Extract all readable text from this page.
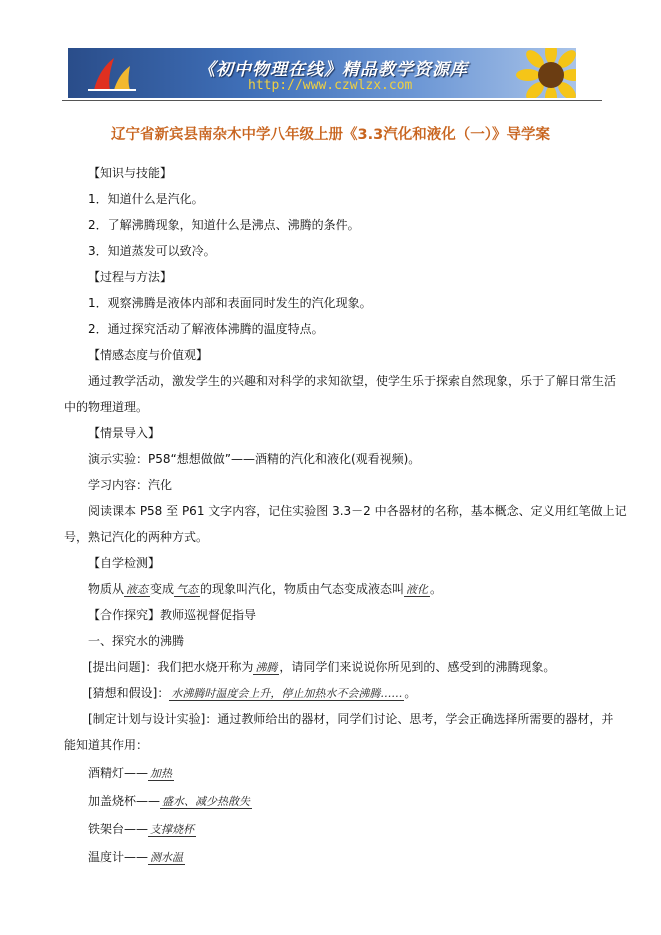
《初中物理在线》精品教学资源库
http://www.czwlzx.com
辽宁省新宾县南杂木中学八年级上册《3.3汽化和液化（一）》导学案
【知识与技能】
1．知道什么是汽化。
2．了解沸腾现象，知道什么是沸点、沸腾的条件。
3．知道蒸发可以致冷。
【过程与方法】
1．观察沸腾是液体内部和表面同时发生的汽化现象。
2．通过探究活动了解液体沸腾的温度特点。
【情感态度与价值观】
通过教学活动，激发学生的兴趣和对科学的求知欲望，使学生乐于探索自然现象，乐于了解日常生活
中的物理道理。
【情景导入】
演示实验：P58“想想做做”——酒精的汽化和液化(观看视频)。
学习内容：汽化
阅读课本 P58 至 P61 文字内容，记住实验图 3.3－2 中各器材的名称，基本概念、定义用红笔做上记
号，熟记汽化的两种方式。
【自学检测】
物质从 液态 变成 气态 的现象叫汽化，物质由气态变成液态叫 液化 。
【合作探究】教师巡视督促指导
一、探究水的沸腾
[提出问题]：我们把水烧开称为 沸腾 ，请同学们来说说你所见到的、感受到的沸腾现象。
[猜想和假设]： 水沸腾时温度会上升，停止加热水不会沸腾…… 。
[制定计划与设计实验]：通过教师给出的器材，同学们讨论、思考，学会正确选择所需要的器材，并
能知道其作用：
酒精灯—— 加热
加盖烧杯—— 盛水、减少热散失
铁架台—— 支撑烧杯
温度计—— 测水温
